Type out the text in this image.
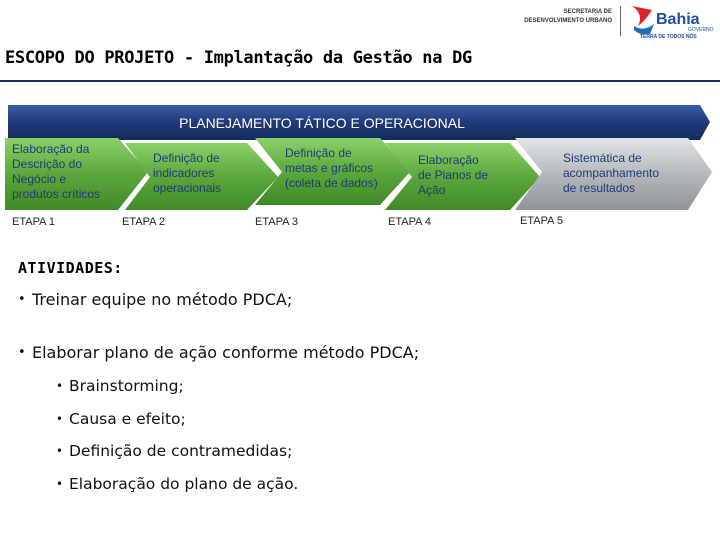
SECRETARIA DE
DESENVOLVIMENTO URBANO	Bahia
GOVERNO
TERRA DE TODOS NÓS
ESCOPO DO PROJETO - Implantação da Gestão na DG
PLANEJAMENTO TÁTICO E OPERACIONAL
Elaboração da Descrição do Negócio e produtos críticos
Definição de indicadores operacionais
Definição de metas e gráficos (coleta de dados)
Elaboração de Planos de Ação
Sistemática de acompanhamento de resultados
ETAPA 1	ETAPA 2	ETAPA 3	ETAPA 4	ETAPA 5
ATIVIDADES:
• Treinar equipe no método PDCA;
• Elaborar plano de ação conforme método PDCA;
• Brainstorming;
• Causa e efeito;
• Definição de contramedidas;
• Elaboração do plano de ação.
